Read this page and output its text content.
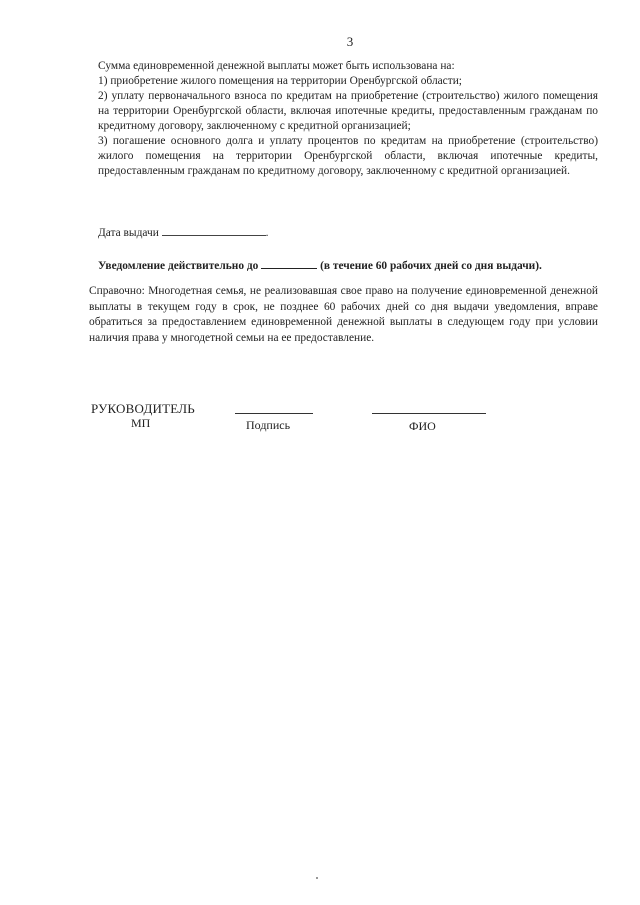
3

Сумма единовременной денежной выплаты может быть использована на:

1) приобретение жилого помещения на территории Оренбургской области;

2) уплату первоначального взноса по кредитам на приобретение (строительство) жилого помещения на территории Оренбургской области, включая ипотечные кредиты, предоставленным гражданам по кредитному договору, заключенному с кредитной организацией;

3) погашение основного долга и уплату процентов по кредитам на приобретение (строительство) жилого помещения на территории Оренбургской области, включая ипотечные кредиты, предоставленным гражданам по кредитному договору, заключенному с кредитной организацией.

Дата выдачи	.
Уведомление действительно до	(в течение 60 рабочих дней со дня выдачи).

Справочно: Многодетная семья, не реализовавшая свое право на получение единовременной денежной выплаты в текущем году в срок, не позднее 60 рабочих дней со дня выдачи уведомления, вправе обратиться за предоставлением единовременной денежной выплаты в следующем году при условии наличия права у многодетной семьи на ее предоставление.

РУКОВОДИТЕЛЬ
МП	Подпись	ФИО
